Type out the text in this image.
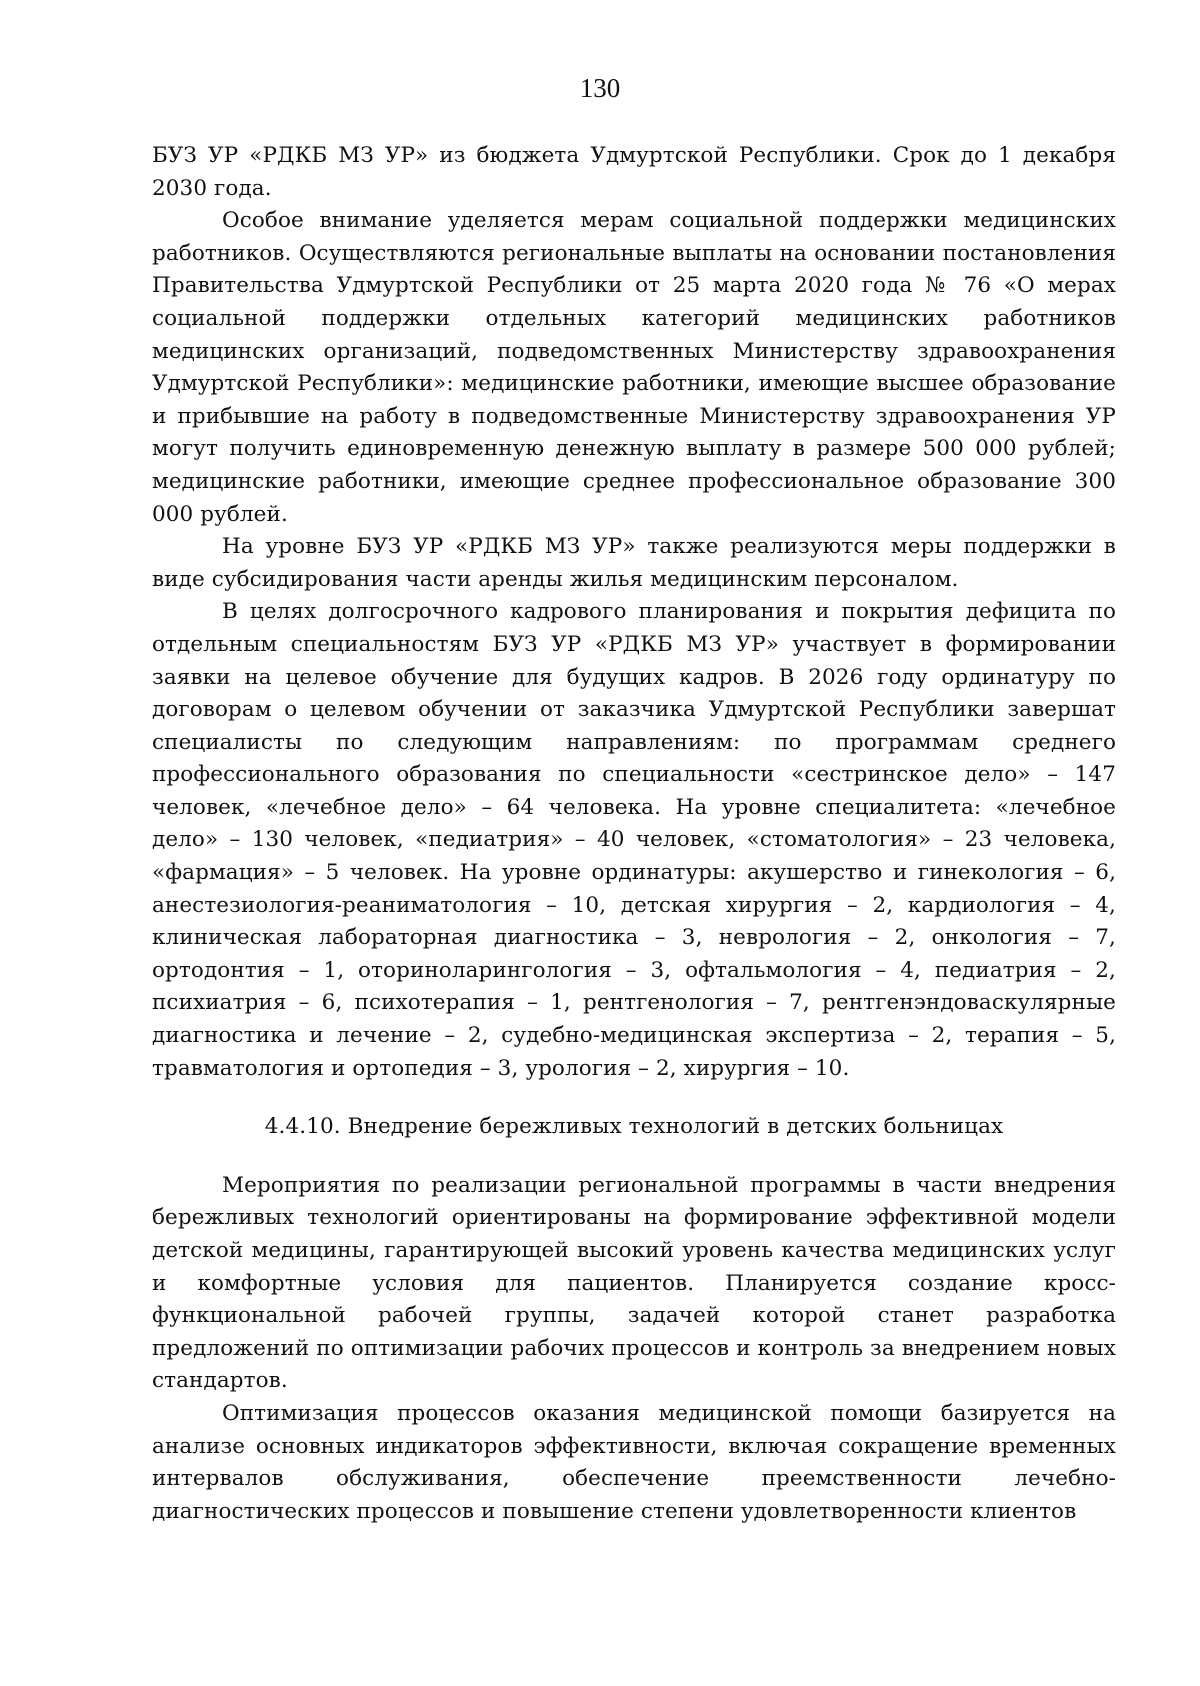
130

БУЗ УР «РДКБ МЗ УР» из бюджета Удмуртской Республики. Срок до 1 декабря 2030 года.

Особое внимание уделяется мерам социальной поддержки медицинских работников. Осуществляются региональные выплаты на основании постановления Правительства Удмуртской Республики от 25 марта 2020 года № 76 «О мерах социальной поддержки отдельных категорий медицинских работников медицинских организаций, подведомственных Министерству здравоохранения Удмуртской Республики»: медицинские работники, имеющие высшее образование и прибывшие на работу в подведомственные Министерству здравоохранения УР могут получить единовременную денежную выплату в размере 500 000 рублей; медицинские работники, имеющие среднее профессиональное образование 300 000 рублей.

На уровне БУЗ УР «РДКБ МЗ УР» также реализуются меры поддержки в виде субсидирования части аренды жилья медицинским персоналом.

В целях долгосрочного кадрового планирования и покрытия дефицита по отдельным специальностям БУЗ УР «РДКБ МЗ УР» участвует в формировании заявки на целевое обучение для будущих кадров. В 2026 году ординатуру по договорам о целевом обучении от заказчика Удмуртской Республики завершат специалисты по следующим направлениям: по программам среднего профессионального образования по специальности «сестринское дело» – 147 человек, «лечебное дело» – 64 человека. На уровне специалитета: «лечебное дело» – 130 человек, «педиатрия» – 40 человек, «стоматология» – 23 человека, «фармация» – 5 человек. На уровне ординатуры: акушерство и гинекология – 6, анестезиология-реаниматология – 10, детская хирургия – 2, кардиология – 4, клиническая лабораторная диагностика – 3, неврология – 2, онкология – 7, ортодонтия – 1, оториноларингология – 3, офтальмология – 4, педиатрия – 2, психиатрия – 6, психотерапия – 1, рентгенология – 7, рентгенэндоваскулярные диагностика и лечение – 2, судебно-медицинская экспертиза – 2, терапия – 5, травматология и ортопедия – 3, урология – 2, хирургия – 10.

4.4.10. Внедрение бережливых технологий в детских больницах

Мероприятия по реализации региональной программы в части внедрения бережливых технологий ориентированы на формирование эффективной модели детской медицины, гарантирующей высокий уровень качества медицинских услуг и комфортные условия для пациентов. Планируется создание кросс-функциональной рабочей группы, задачей которой станет разработка предложений по оптимизации рабочих процессов и контроль за внедрением новых стандартов.

Оптимизация процессов оказания медицинской помощи базируется на анализе основных индикаторов эффективности, включая сокращение временных интервалов обслуживания, обеспечение преемственности лечебно-диагностических процессов и повышение степени удовлетворенности клиентов
